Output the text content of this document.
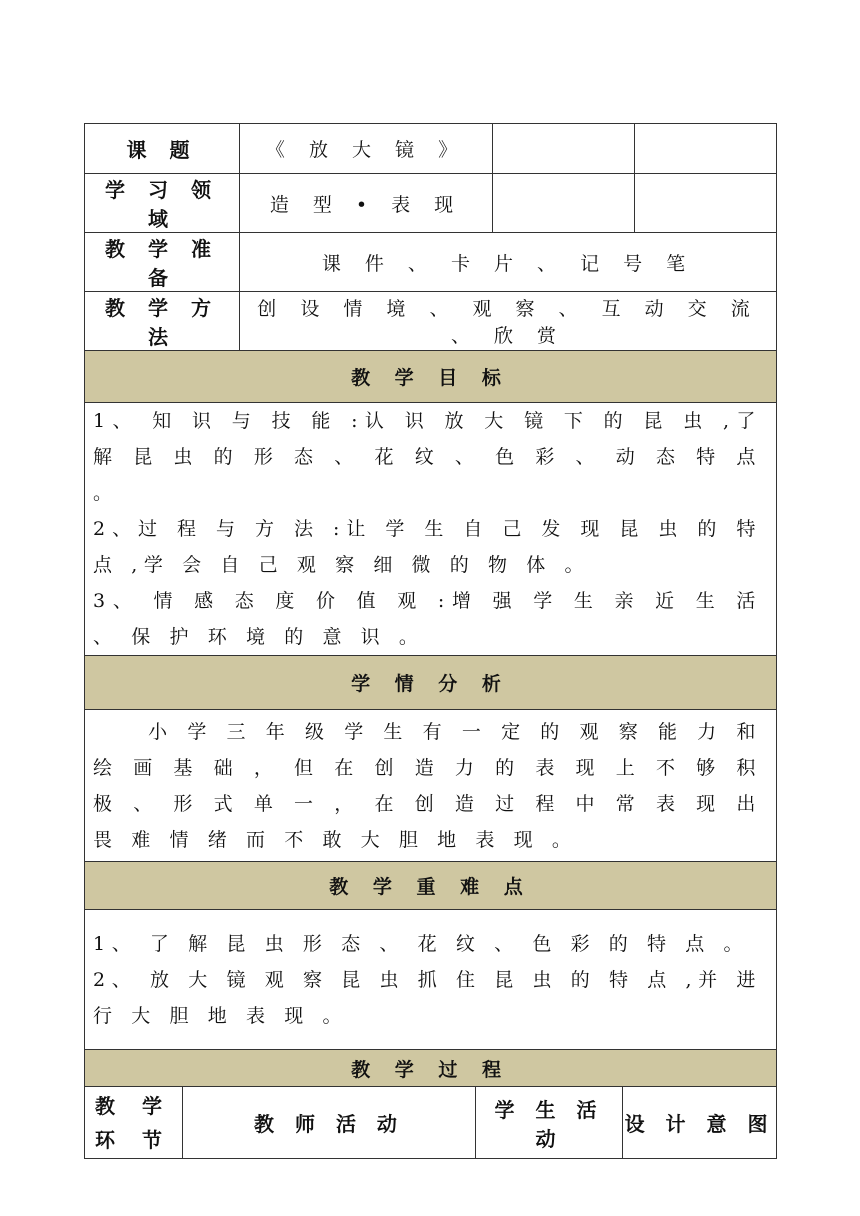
课 题	《 放 大 镜 》		
学 习 领 域	造 型 • 表 现		
教 学 准 备	课 件 、 卡 片 、 记 号 笔		
教 学 方 法	创 设 情 境 、 观 察 、 互 动 交 流 、 欣 赏		
教 学 目 标			

1、 知 识 与 技 能 :认 识 放 大 镜 下 的 昆 虫 ,了 解 昆 虫 的 形 态 、 花 纹 、 色 彩 、 动 态 特 点 。

2、过 程 与 方 法 :让 学 生 自 己 发 现 昆 虫 的 特 点 ,学 会 自 己 观 察 细 微 的 物 体 。

3、 情 感 态 度 价 值 观 :增 强 学 生 亲 近 生 活 、 保 护 环 境 的 意 识 。			

学 情 分 析			

小 学 三 年 级 学 生 有 一 定 的 观 察 能 力 和 绘 画 基 础 ， 但 在 创 造 力 的 表 现 上 不 够 积 极 、 形 式 单 一 ， 在 创 造 过 程 中 常 表 现 出 畏 难 情 绪 而 不 敢 大 胆 地 表 现 。			

教 学 重 难 点			

1、 了 解 昆 虫 形 态 、 花 纹 、 色 彩 的 特 点 。

2、 放 大 镜 观 察 昆 虫 抓 住 昆 虫 的 特 点 ,并 进 行 大 胆 地 表 现 。			

教 学 过 程

教 学
环 节
	教 师 活 动	学 生 活 动	设 计 意 图
